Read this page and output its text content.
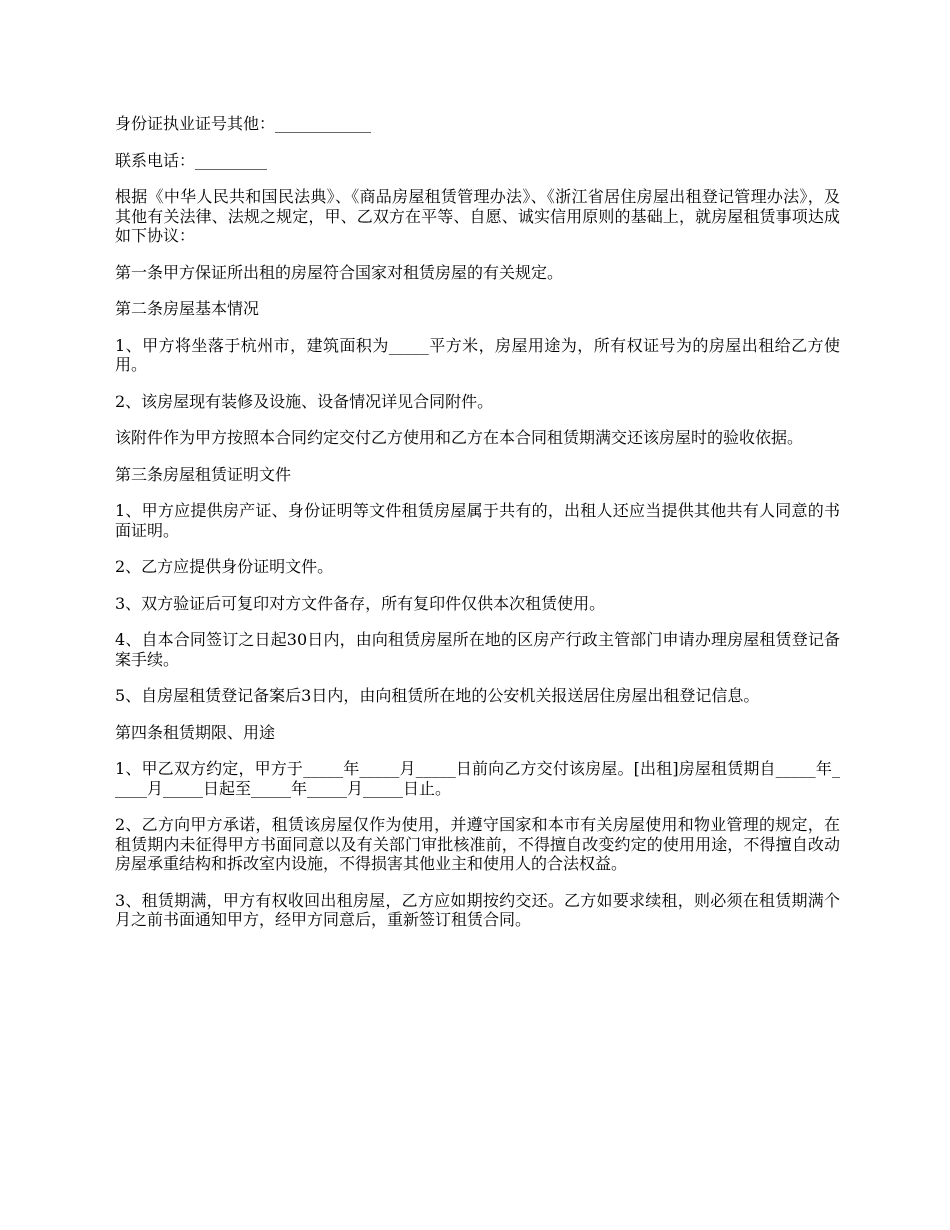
身份证执业证号其他：____________

联系电话：_________

根据《中华人民共和国民法典》、《商品房屋租赁管理办法》、《浙江省居住房屋出租登记管理办法》，及其他有关法律、法规之规定，甲、乙双方在平等、自愿、诚实信用原则的基础上，就房屋租赁事项达成如下协议：

第一条甲方保证所出租的房屋符合国家对租赁房屋的有关规定。

第二条房屋基本情况

1、甲方将坐落于杭州市，建筑面积为_____平方米，房屋用途为，所有权证号为的房屋出租给乙方使用。

2、该房屋现有装修及设施、设备情况详见合同附件。

该附件作为甲方按照本合同约定交付乙方使用和乙方在本合同租赁期满交还该房屋时的验收依据。

第三条房屋租赁证明文件

1、甲方应提供房产证、身份证明等文件租赁房屋属于共有的，出租人还应当提供其他共有人同意的书面证明。

2、乙方应提供身份证明文件。

3、双方验证后可复印对方文件备存，所有复印件仅供本次租赁使用。

4、自本合同签订之日起30日内，由向租赁房屋所在地的区房产行政主管部门申请办理房屋租赁登记备案手续。

5、自房屋租赁登记备案后3日内，由向租赁所在地的公安机关报送居住房屋出租登记信息。

第四条租赁期限、用途

1、甲乙双方约定，甲方于_____年_____月_____日前向乙方交付该房屋。[出租]房屋租赁期自_____年_____月_____日起至_____年_____月_____日止。

2、乙方向甲方承诺，租赁该房屋仅作为使用，并遵守国家和本市有关房屋使用和物业管理的规定，在租赁期内未征得甲方书面同意以及有关部门审批核准前，不得擅自改变约定的使用用途，不得擅自改动房屋承重结构和拆改室内设施，不得损害其他业主和使用人的合法权益。

3、租赁期满，甲方有权收回出租房屋，乙方应如期按约交还。乙方如要求续租，则必须在租赁期满个月之前书面通知甲方，经甲方同意后，重新签订租赁合同。
